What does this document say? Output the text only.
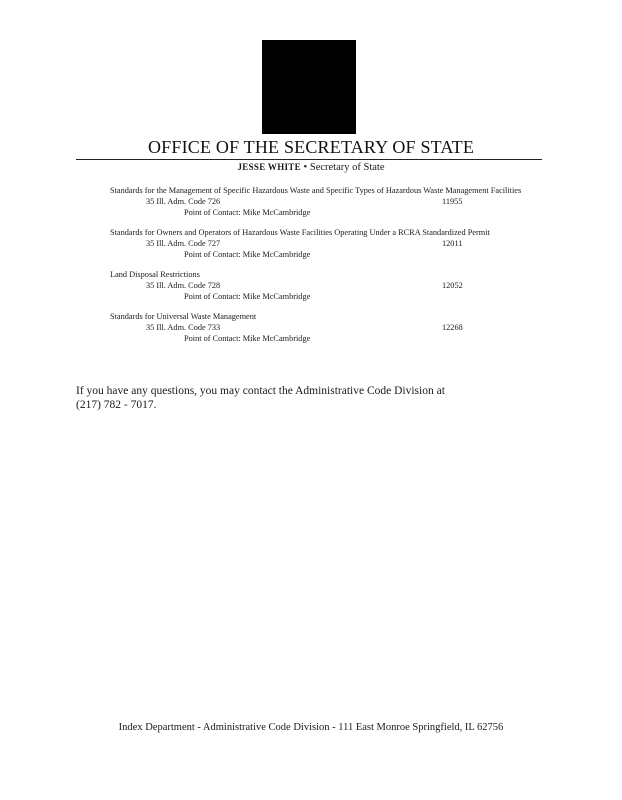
OFFICE OF THE SECRETARY OF STATE
JESSE WHITE • Secretary of State
Standards for the Management of Specific Hazardous Waste and Specific Types of Hazardous Waste Management Facilities
35 Ill. Adm. Code 726	11955
Point of Contact: Mike McCambridge
Standards for Owners and Operators of Hazardous Waste Facilities Operating Under a RCRA Standardized Permit
35 Ill. Adm. Code 727	12011
Point of Contact: Mike McCambridge
Land Disposal Restrictions
35 Ill. Adm. Code 728	12052
Point of Contact: Mike McCambridge
Standards for Universal Waste Management
35 Ill. Adm. Code 733	12268
Point of Contact: Mike McCambridge
If you have any questions, you may contact the Administrative Code Division at
(217) 782 - 7017.
Index Department - Administrative Code Division - 111 East Monroe Springfield, IL 62756
